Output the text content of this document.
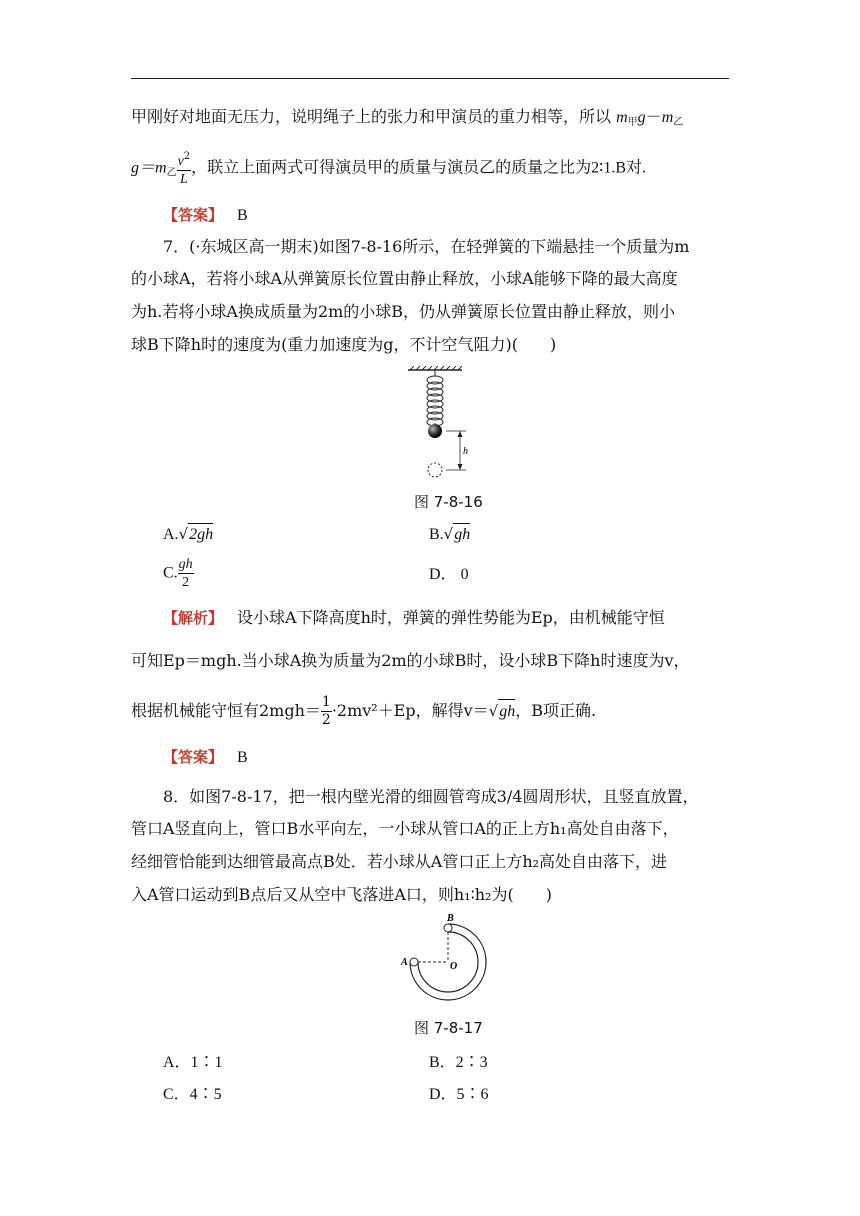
甲刚好对地面无压力，说明绳子上的张力和甲演员的重力相等，所以 $m_甲g-m_乙$
$g=m_乙 \frac{v^2}{L}$ ，联立上面两式可得演员甲的质量与演员乙的质量之比为2∶1.B对.
【答案】 B
7．(·东城区高一期末)如图7-8-16所示，在轻弹簧的下端悬挂一个质量为m
的小球A，若将小球A从弹簧原长位置由静止释放，小球A能够下降的最大高度
为h.若将小球A换成质量为2m的小球B，仍从弹簧原长位置由静止释放，则小
球B下降h时的速度为(重力加速度为g，不计空气阻力)(　　)
h
图 7-8-16
A.√2gh	B.√gh
C. $\frac{gh}{2}$	D． 0
【解析】 设小球A下降高度h时，弹簧的弹性势能为Ep，由机械能守恒
可知Ep＝mgh.当小球A换为质量为2m的小球B时，设小球B下降h时速度为v，
根据机械能守恒有$2mgh= \frac{1}{2} \cdot 2mv^2+Ep$，解得v＝√gh，B项正确.
【答案】 B
8．如图7-8-17，把一根内壁光滑的细圆管弯成3/4圆周形状，且竖直放置，
管口A竖直向上，管口B水平向左，一小球从管口A的正上方h₁高处自由落下，
经细管恰能到达细管最高点B处．若小球从A管口正上方h₂高处自由落下，进
入A管口运动到B点后又从空中飞落进A口，则h₁∶h₂为(　　)
B
A	O
图 7-8-17
A．1∶1	B．2∶3
C．4∶5	D．5∶6
